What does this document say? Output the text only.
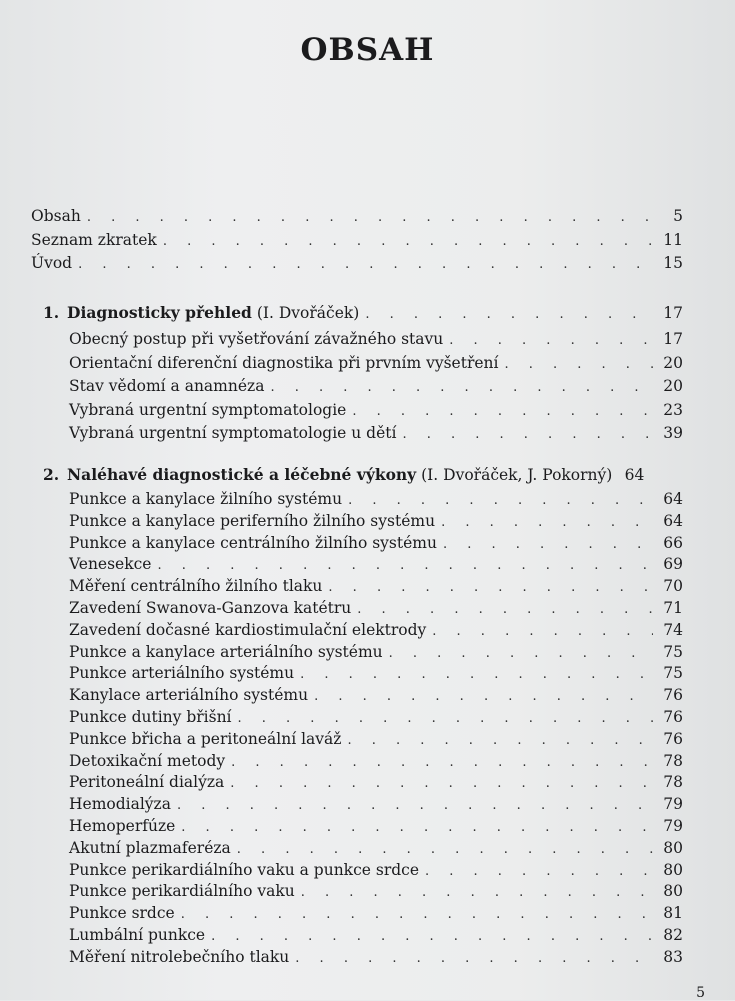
OBSAH
Obsah . . .	5
Seznam zkratek . . .	11
Úvod . . .	15
1. Diagnosticky přehled (I. Dvořáček) . . .	17
Obecný postup při vyšetřování závažného stavu . . .	17
Orientační diferenční diagnostika při prvním vyšetření . . .	20
Stav vědomí a anamnéza . . .	20
Vybraná urgentní symptomatologie . . .	23
Vybraná urgentní symptomatologie u dětí . . .	39
2. Naléhavé diagnostické a léčebné výkony (I. Dvořáček, J. Pokorný) 64
Punkce a kanylace žilního systému . . .	64
Punkce a kanylace periferního žilního systému . . .	64
Punkce a kanylace centrálního žilního systému . . .	66
Venesekce . . .	69
Měření centrálního žilního tlaku . . .	70
Zavedení Swanova-Ganzova katétru . . .	71
Zavedení dočasné kardiostimulační elektrody . . .	74
Punkce a kanylace arteriálního systému . . .	75
Punkce arteriálního systému . . .	75
Kanylace arteriálního systému . . .	76
Punkce dutiny břišní . . .	76
Punkce břicha a peritoneální laváž . . .	76
Detoxikační metody . . .	78
Peritoneální dialýza . . .	78
Hemodialýza . . .	79
Hemoperfúze . . .	79
Akutní plazmaferéza . . .	80
Punkce perikardiálního vaku a punkce srdce . . .	80
Punkce perikardiálního vaku . . .	80
Punkce srdce . . .	81
Lumbální punkce . . .	82
Měření nitrolebečního tlaku . . .	83
5
